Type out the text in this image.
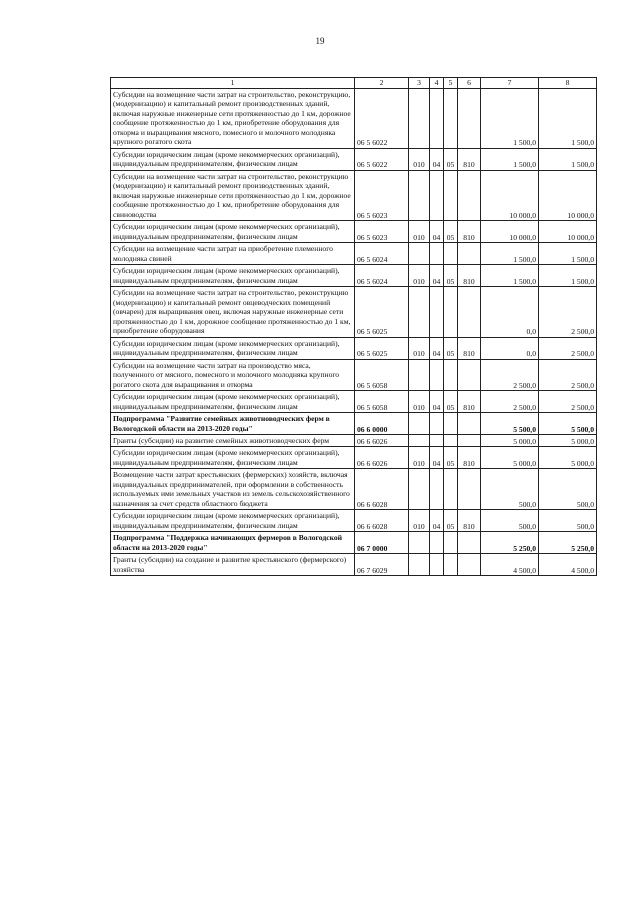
19
1	2	3	4	5	6	7	8
Субсидии на возмещение части затрат на строительство, реконструкцию, (модернизацию) и капитальный ремонт производственных зданий, включая наружные инженерные сети протяженностью до 1 км, дорожное сообщение протяженностью до 1 км, приобретение оборудования для откорма и выращивания мясного, помесного и молочного молодняка крупного рогатого скота	06 5 6022					1 500,0	1 500,0
Субсидии юридическим лицам (кроме некоммерческих организаций), индивидуальным предпринимателям, физическим лицам	06 5 6022	010	04	05	810	1 500,0	1 500,0
Субсидии на возмещение части затрат на строительство, реконструкцию (модернизацию) и капитальный ремонт производственных зданий, включая наружные инженерные сети протяженностью до 1 км, дорожное сообщение протяженностью до 1 км, приобретение оборудования для свиноводства	06 5 6023					10 000,0	10 000,0
Субсидии юридическим лицам (кроме некоммерческих организаций), индивидуальным предпринимателям, физическим лицам	06 5 6023	010	04	05	810	10 000,0	10 000,0
Субсидии на возмещение части затрат на приобретение племенного молодняка свиней	06 5 6024					1 500,0	1 500,0
Субсидии юридическим лицам (кроме некоммерческих организаций), индивидуальным предпринимателям, физическим лицам	06 5 6024	010	04	05	810	1 500,0	1 500,0
Субсидии на возмещение части затрат на строительство, реконструкцию (модернизацию) и капитальный ремонт овцеводческих помещений (овчарен) для выращивания овец, включая наружные инженерные сети протяженностью до 1 км, дорожное сообщение протяженностью до 1 км, приобретение оборудования	06 5 6025					0,0	2 500,0
Субсидии юридическим лицам (кроме некоммерческих организаций), индивидуальным предпринимателям, физическим лицам	06 5 6025	010	04	05	810	0,0	2 500,0
Субсидии на возмещение части затрат на производство мяса, полученного от мясного, помесного и молочного молодняка крупного рогатого скота для выращивания и откорма	06 5 6058					2 500,0	2 500,0
Субсидии юридическим лицам (кроме некоммерческих организаций), индивидуальным предпринимателям, физическим лицам	06 5 6058	010	04	05	810	2 500,0	2 500,0
Подпрограмма "Развитие семейных животноводческих ферм в Вологодской области на 2013-2020 годы"	06 6 0000					5 500,0	5 500,0
Гранты (субсидии) на развитие семейных животноводческих ферм	06 6 6026					5 000,0	5 000,0
Субсидии юридическим лицам (кроме некоммерческих организаций), индивидуальным предпринимателям, физическим лицам	06 6 6026	010	04	05	810	5 000,0	5 000,0
Возмещение части затрат крестьянских (фермерских) хозяйств, включая индивидуальных предпринимателей, при оформлении в собственность используемых ими земельных участков из земель сельскохозяйственного назначения за счет средств областного бюджета	06 6 6028					500,0	500,0
Субсидии юридическим лицам (кроме некоммерческих организаций), индивидуальным предпринимателям, физическим лицам	06 6 6028	010	04	05	810	500,0	500,0
Подпрограмма "Поддержка начинающих фермеров в Вологодской области на 2013-2020 годы"	06 7 0000					5 250,0	5 250,0
Гранты (субсидии) на создание и развитие крестьянского (фермерского) хозяйства	06 7 6029					4 500,0	4 500,0
